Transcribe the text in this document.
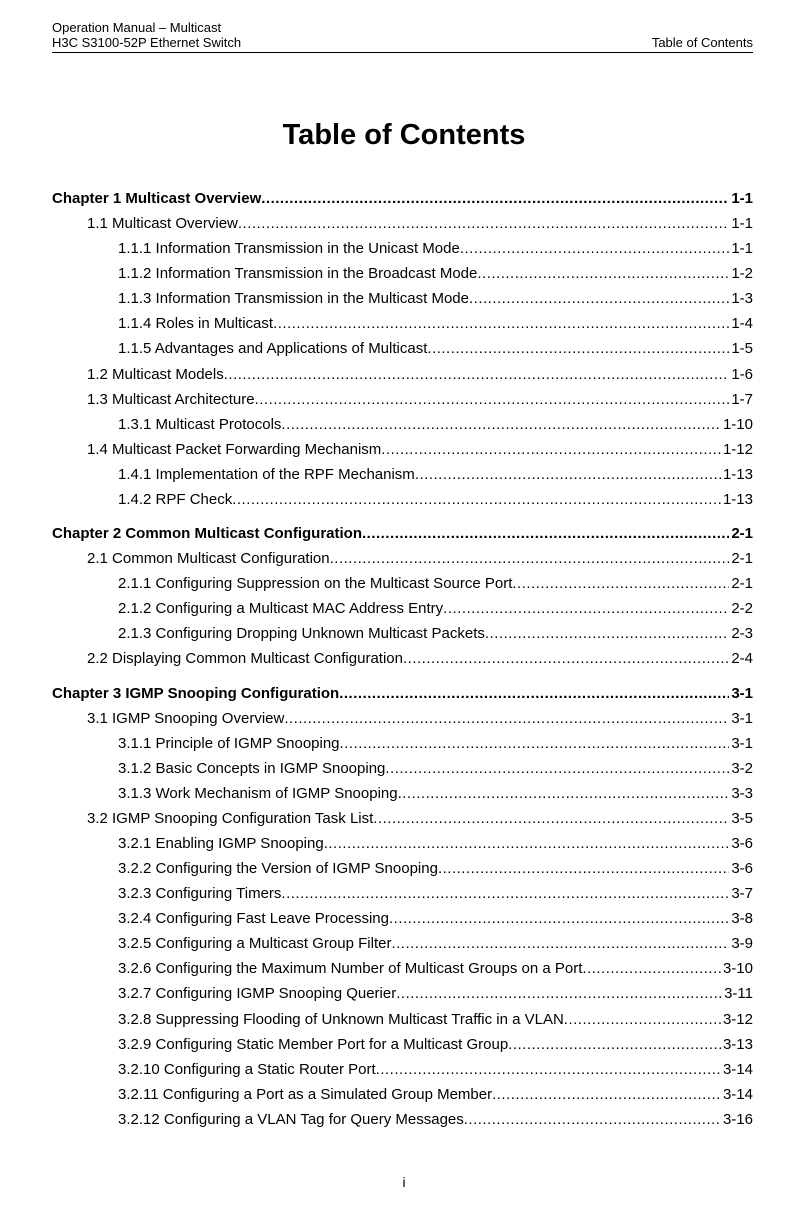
Operation Manual – Multicast
H3C S3100-52P Ethernet Switch	Table of Contents
Table of Contents
Chapter 1 Multicast Overview .....	1-1
1.1 Multicast Overview .....	1-1
1.1.1 Information Transmission in the Unicast Mode .....	1-1
1.1.2 Information Transmission in the Broadcast Mode .....	1-2
1.1.3 Information Transmission in the Multicast Mode .....	1-3
1.1.4 Roles in Multicast .....	1-4
1.1.5 Advantages and Applications of Multicast .....	1-5
1.2 Multicast Models .....	1-6
1.3 Multicast Architecture .....	1-7
1.3.1 Multicast Protocols .....	1-10
1.4 Multicast Packet Forwarding Mechanism .....	1-12
1.4.1 Implementation of the RPF Mechanism .....	1-13
1.4.2 RPF Check .....	1-13
Chapter 2 Common Multicast Configuration .....	2-1
2.1 Common Multicast Configuration .....	2-1
2.1.1 Configuring Suppression on the Multicast Source Port .....	2-1
2.1.2 Configuring a Multicast MAC Address Entry .....	2-2
2.1.3 Configuring Dropping Unknown Multicast Packets .....	2-3
2.2 Displaying Common Multicast Configuration .....	2-4
Chapter 3 IGMP Snooping Configuration .....	3-1
3.1 IGMP Snooping Overview .....	3-1
3.1.1 Principle of IGMP Snooping .....	3-1
3.1.2 Basic Concepts in IGMP Snooping .....	3-2
3.1.3 Work Mechanism of IGMP Snooping .....	3-3
3.2 IGMP Snooping Configuration Task List .....	3-5
3.2.1 Enabling IGMP Snooping .....	3-6
3.2.2 Configuring the Version of IGMP Snooping .....	3-6
3.2.3 Configuring Timers .....	3-7
3.2.4 Configuring Fast Leave Processing .....	3-8
3.2.5 Configuring a Multicast Group Filter .....	3-9
3.2.6 Configuring the Maximum Number of Multicast Groups on a Port .....	3-10
3.2.7 Configuring IGMP Snooping Querier .....	3-11
3.2.8 Suppressing Flooding of Unknown Multicast Traffic in a VLAN .....	3-12
3.2.9 Configuring Static Member Port for a Multicast Group .....	3-13
3.2.10 Configuring a Static Router Port .....	3-14
3.2.11 Configuring a Port as a Simulated Group Member .....	3-14
3.2.12 Configuring a VLAN Tag for Query Messages .....	3-16
i
